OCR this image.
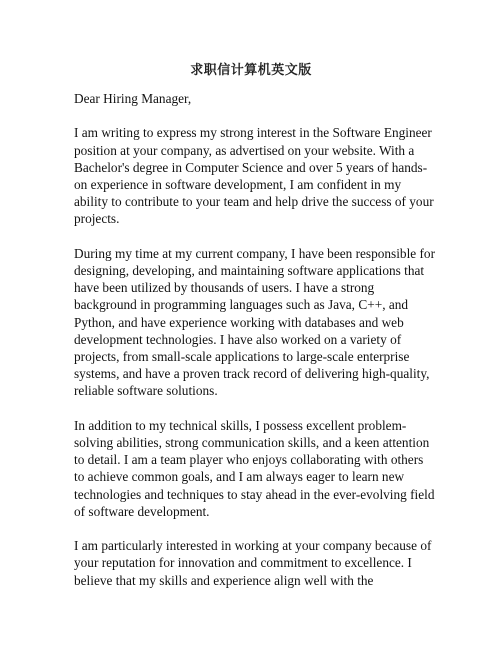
求职信计算机英文版

Dear Hiring Manager,

I am writing to express my strong interest in the Software Engineer position at your company, as advertised on your website. With a Bachelor's degree in Computer Science and over 5 years of hands-on experience in software development, I am confident in my ability to contribute to your team and help drive the success of your projects.

During my time at my current company, I have been responsible for designing, developing, and maintaining software applications that have been utilized by thousands of users. I have a strong background in programming languages such as Java, C++, and Python, and have experience working with databases and web development technologies. I have also worked on a variety of projects, from small-scale applications to large-scale enterprise systems, and have a proven track record of delivering high-quality, reliable software solutions.

In addition to my technical skills, I possess excellent problem-solving abilities, strong communication skills, and a keen attention to detail. I am a team player who enjoys collaborating with others to achieve common goals, and I am always eager to learn new technologies and techniques to stay ahead in the ever-evolving field of software development.

I am particularly interested in working at your company because of your reputation for innovation and commitment to excellence. I believe that my skills and experience align well with the
